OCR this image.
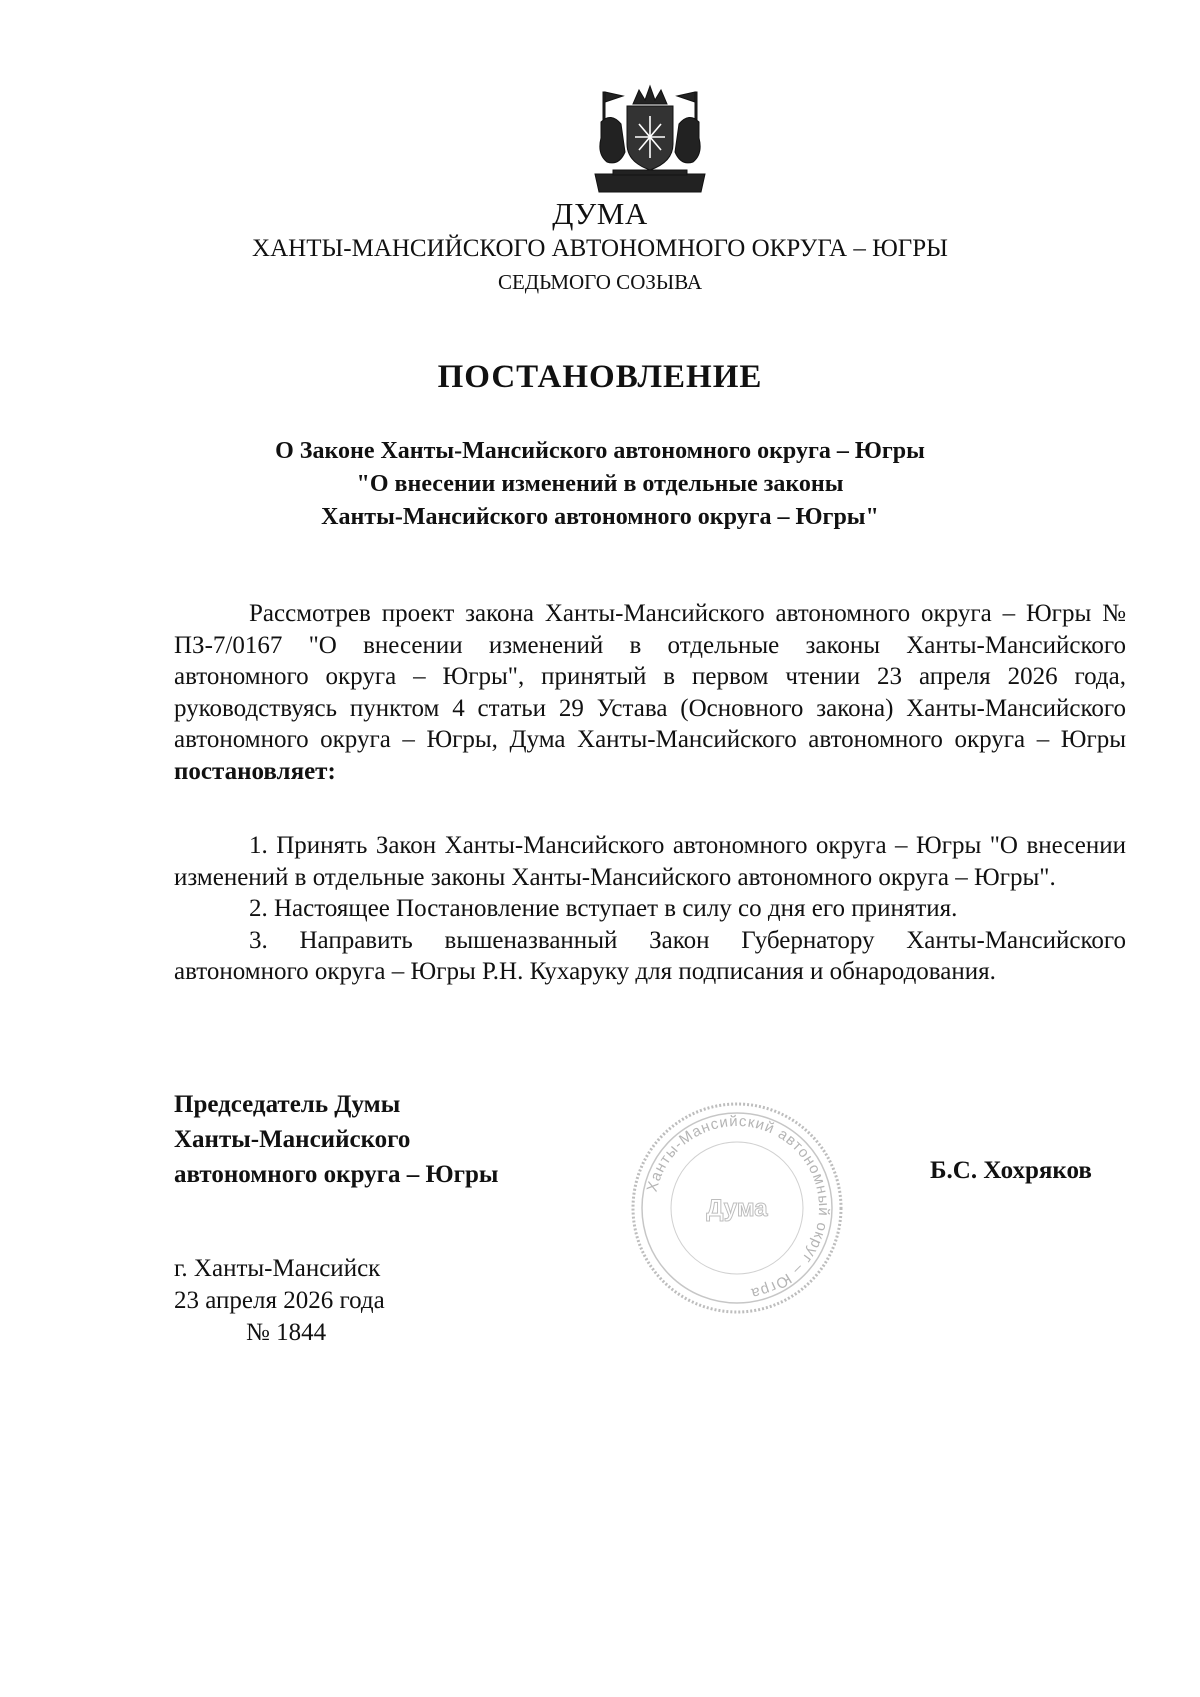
ДУМА
ХАНТЫ-МАНСИЙСКОГО АВТОНОМНОГО ОКРУГА – ЮГРЫ
СЕДЬМОГО СОЗЫВА
ПОСТАНОВЛЕНИЕ
О Законе Ханты-Мансийского автономного округа – Югры
"О внесении изменений в отдельные законы
Ханты-Мансийского автономного округа – Югры"

Рассмотрев проект закона Ханты-Мансийского автономного округа – Югры № ПЗ-7/0167 "О внесении изменений в отдельные законы Ханты-Мансийского автономного округа – Югры", принятый в первом чтении 23 апреля 2026 года, руководствуясь пунктом 4 статьи 29 Устава (Основного закона) Ханты-Мансийского автономного округа – Югры, Дума Ханты-Мансийского автономного округа – Югры постановляет:

1. Принять Закон Ханты-Мансийского автономного округа – Югры "О внесении изменений в отдельные законы Ханты-Мансийского автономного округа – Югры".

2. Настоящее Постановление вступает в силу со дня его принятия.

3. Направить вышеназванный Закон Губернатору Ханты-Мансийского автономного округа – Югры Р.Н. Кухаруку для подписания и обнародования.

Председатель Думы
Ханты-Мансийского
автономного округа – Югры	Ханты-Мансийский автономный округ – Югра
Дума
Б.С. Хохряков
г. Ханты-Мансийск
23 апреля 2026 года
№ 1844
